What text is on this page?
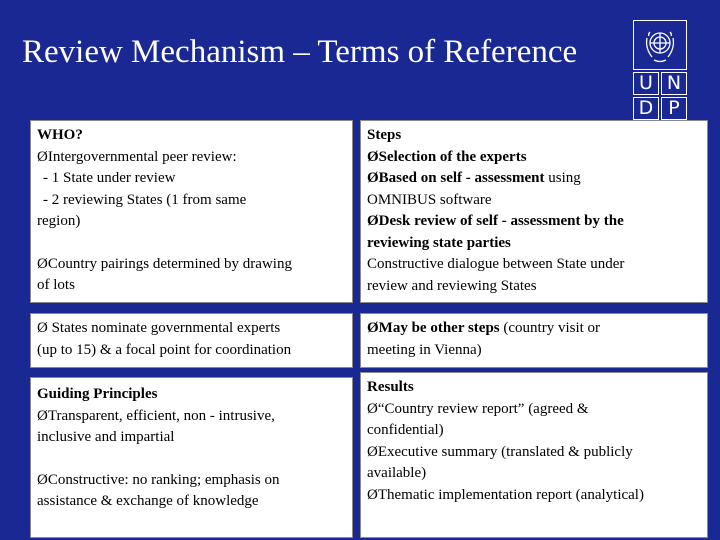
Review Mechanism – Terms of Reference
U N
D P
WHO?
ØIntergovernmental peer review:
- 1 State under review
- 2 reviewing States (1 from same
region)
ØCountry pairings determined by drawing
of lots
Steps
ØSelection of the experts
ØBased on self - assessment using
OMNIBUS software
ØDesk review of self - assessment by the
reviewing state parties
Constructive dialogue between State under
review and reviewing States
Ø States nominate governmental experts
(up to 15) & a focal point for coordination
ØMay be other steps (country visit or
meeting in Vienna)
Guiding Principles
ØTransparent, efficient, non - intrusive,
inclusive and impartial
ØConstructive: no ranking; emphasis on
assistance & exchange of knowledge
Results
Ø“Country review report” (agreed &
confidential)
ØExecutive summary (translated & publicly
available)
ØThematic implementation report (analytical)
